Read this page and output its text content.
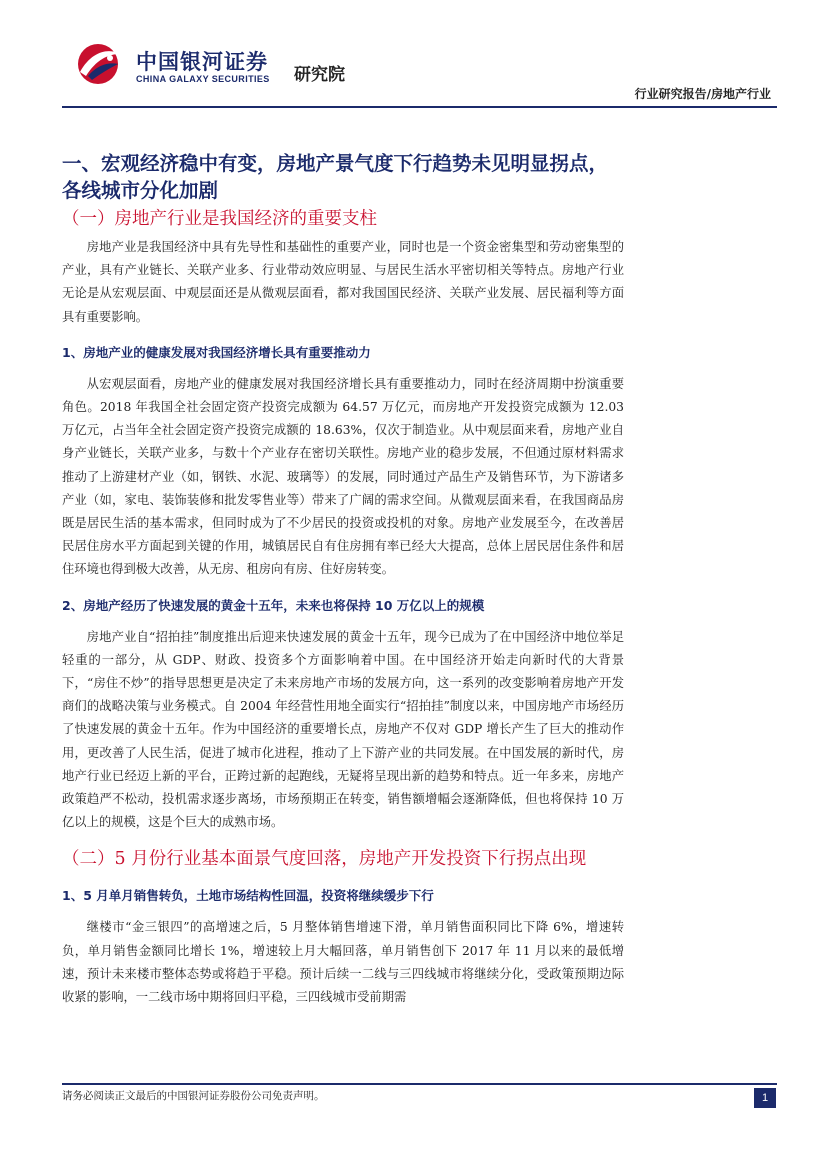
中国银河证券
CHINA GALAXY SECURITIES 研究院
行业研究报告/房地产行业
一、宏观经济稳中有变，房地产景气度下行趋势未见明显拐点，各线城市分化加剧
（一）房地产行业是我国经济的重要支柱

房地产业是我国经济中具有先导性和基础性的重要产业，同时也是一个资金密集型和劳动密集型的产业，具有产业链长、关联产业多、行业带动效应明显、与居民生活水平密切相关等特点。房地产行业无论是从宏观层面、中观层面还是从微观层面看，都对我国国民经济、关联产业发展、居民福利等方面具有重要影响。

1、房地产业的健康发展对我国经济增长具有重要推动力

从宏观层面看，房地产业的健康发展对我国经济增长具有重要推动力，同时在经济周期中扮演重要角色。2018 年我国全社会固定资产投资完成额为 64.57 万亿元，而房地产开发投资完成额为 12.03 万亿元，占当年全社会固定资产投资完成额的 18.63%，仅次于制造业。从中观层面来看，房地产业自身产业链长，关联产业多，与数十个产业存在密切关联性。房地产业的稳步发展，不但通过原材料需求推动了上游建材产业（如，钢铁、水泥、玻璃等）的发展，同时通过产品生产及销售环节，为下游诸多产业（如，家电、装饰装修和批发零售业等）带来了广阔的需求空间。从微观层面来看，在我国商品房既是居民生活的基本需求，但同时成为了不少居民的投资或投机的对象。房地产业发展至今，在改善居民居住房水平方面起到关键的作用，城镇居民自有住房拥有率已经大大提高，总体上居民居住条件和居住环境也得到极大改善，从无房、租房向有房、住好房转变。

2、房地产经历了快速发展的黄金十五年，未来也将保持 10 万亿以上的规模

房地产业自“招拍挂”制度推出后迎来快速发展的黄金十五年，现今已成为了在中国经济中地位举足轻重的一部分，从 GDP、财政、投资多个方面影响着中国。在中国经济开始走向新时代的大背景下，“房住不炒”的指导思想更是决定了未来房地产市场的发展方向，这一系列的改变影响着房地产开发商们的战略决策与业务模式。自 2004 年经营性用地全面实行“招拍挂”制度以来，中国房地产市场经历了快速发展的黄金十五年。作为中国经济的重要增长点，房地产不仅对 GDP 增长产生了巨大的推动作用，更改善了人民生活，促进了城市化进程，推动了上下游产业的共同发展。在中国发展的新时代，房地产行业已经迈上新的平台，正跨过新的起跑线，无疑将呈现出新的趋势和特点。近一年多来，房地产政策趋严不松动，投机需求逐步离场，市场预期正在转变，销售额增幅会逐渐降低，但也将保持 10 万亿以上的规模，这是个巨大的成熟市场。

（二）5 月份行业基本面景气度回落，房地产开发投资下行拐点出现
1、5 月单月销售转负，土地市场结构性回温，投资将继续缓步下行

继楼市“金三银四”的高增速之后，5 月整体销售增速下滑，单月销售面积同比下降 6%，增速转负，单月销售金额同比增长 1%，增速较上月大幅回落，单月销售创下 2017 年 11 月以来的最低增速，预计未来楼市整体态势或将趋于平稳。预计后续一二线与三四线城市将继续分化，受政策预期边际收紧的影响，一二线市场中期将回归平稳，三四线城市受前期需

请务必阅读正文最后的中国银河证券股份公司免责声明。	1
